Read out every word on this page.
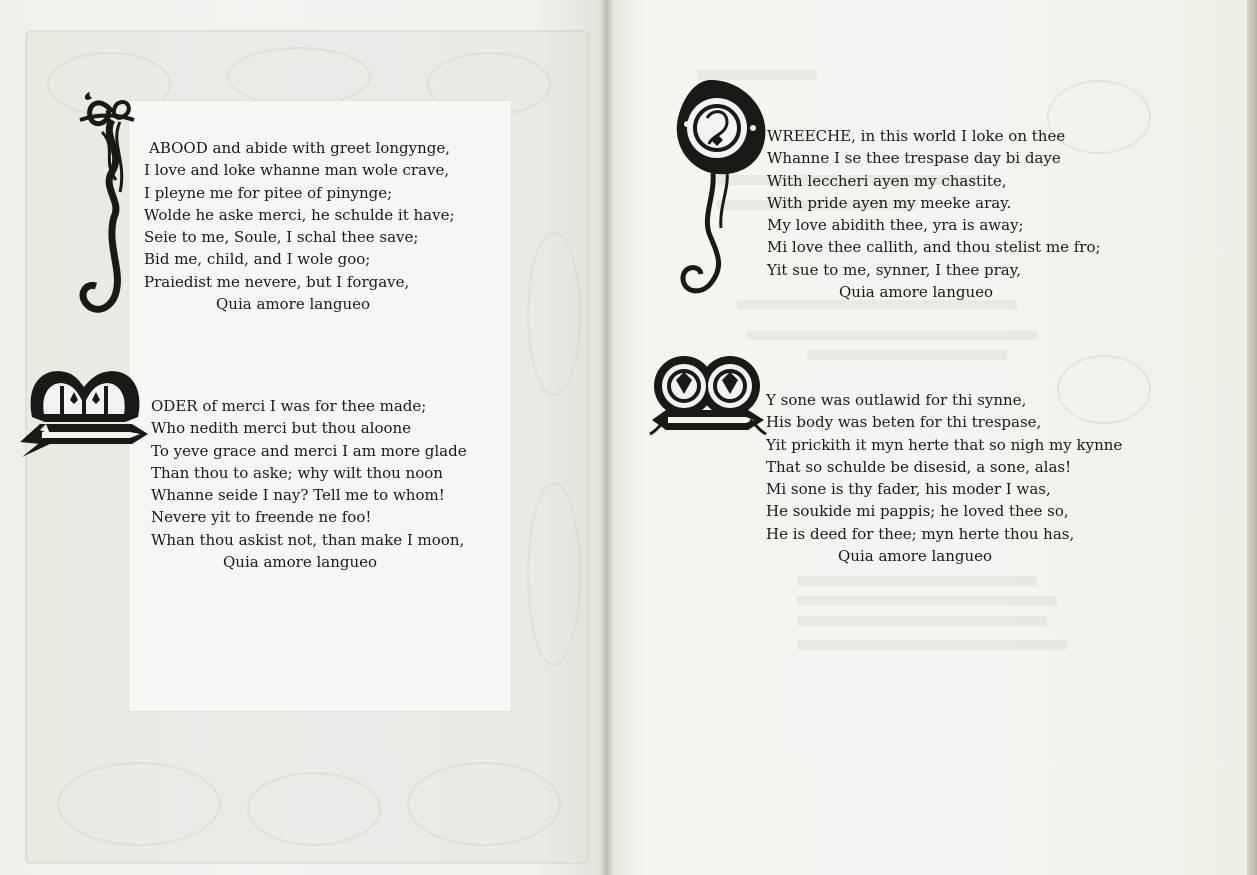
ABOOD and abide with greet longynge,
I love and loke whanne man wole crave,
I pleyne me for pitee of pinynge;
Wolde he aske merci, he schulde it have;
Seie to me, Soule, I schal thee save;
Bid me, child, and I wole goo;
Praiedist me nevere, but I forgave,
Quia amore langueo
ODER of merci I was for thee made;
Who nedith merci but thou aloone
To yeve grace and merci I am more glade
Than thou to aske; why wilt thou noon
Whanne seide I nay? Tell me to whom!
Nevere yit to freende ne foo!
Whan thou askist not, than make I moon,
Quia amore langueo
WREECHE, in this world I loke on thee
Whanne I se thee trespase day bi daye
With leccheri ayen my chastite,
With pride ayen my meeke aray.
My love abidith thee, yra is away;
Mi love thee callith, and thou stelist me fro;
Yit sue to me, synner, I thee pray,
Quia amore langueo
Y sone was outlawid for thi synne,
His body was beten for thi trespase,
Yit prickith it myn herte that so nigh my kynne
That so schulde be disesid, a sone, alas!
Mi sone is thy fader, his moder I was,
He soukide mi pappis; he loved thee so,
He is deed for thee; myn herte thou has,
Quia amore langueo
